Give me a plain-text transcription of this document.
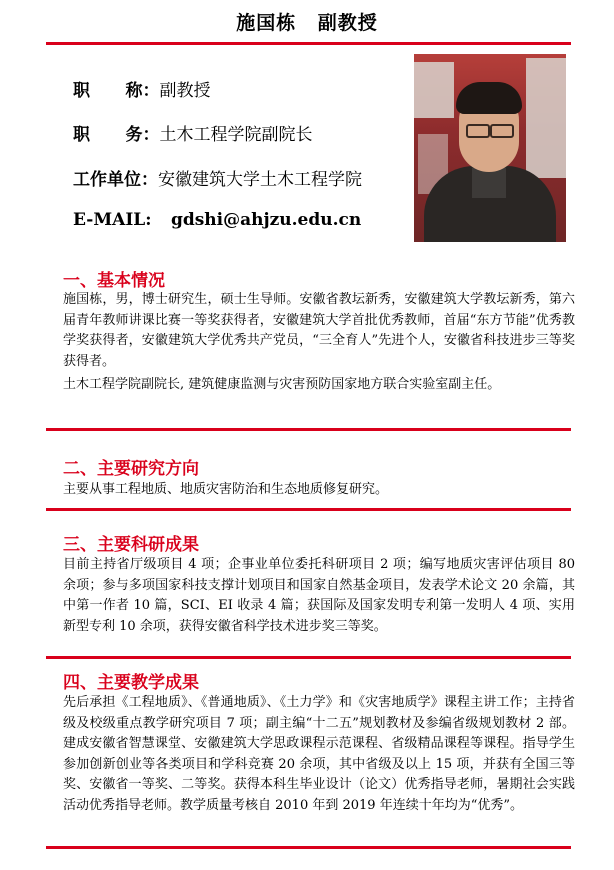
施国栋 副教授
职      称：副教授
职      务：土木工程学院副院长
工作单位：安徽建筑大学土木工程学院
E-MAIL: gdshi@ahjzu.edu.cn
一、基本情况

施国栋，男，博士研究生，硕士生导师。安徽省教坛新秀，安徽建筑大学教坛新秀，第六届青年教师讲课比赛一等奖获得者，安徽建筑大学首批优秀教师，首届“东方节能”优秀教学奖获得者，安徽建筑大学优秀共产党员，“三全育人”先进个人，安徽省科技进步三等奖获得者。

土木工程学院副院长, 建筑健康监测与灾害预防国家地方联合实验室副主任。

二、主要研究方向

主要从事工程地质、地质灾害防治和生态地质修复研究。

三、主要科研成果

目前主持省厅级项目 4 项；企事业单位委托科研项目 2 项；编写地质灾害评估项目 80 余项；参与多项国家科技支撑计划项目和国家自然基金项目，发表学术论文 20 余篇，其中第一作者 10 篇，SCI、EI 收录 4 篇；获国际及国家发明专利第一发明人 4 项、实用新型专利 10 余项，获得安徽省科学技术进步奖三等奖。

四、主要教学成果

先后承担《工程地质》、《普通地质》、《土力学》和《灾害地质学》课程主讲工作；主持省级及校级重点教学研究项目 7 项；副主编“十二五”规划教材及参编省级规划教材 2 部。建成安徽省智慧课堂、安徽建筑大学思政课程示范课程、省级精品课程等课程。指导学生参加创新创业等各类项目和学科竞赛 20 余项，其中省级及以上 15 项，并获有全国三等奖、安徽省一等奖、二等奖。获得本科生毕业设计（论文）优秀指导老师，暑期社会实践活动优秀指导老师。教学质量考核自 2010 年到 2019 年连续十年均为“优秀”。
